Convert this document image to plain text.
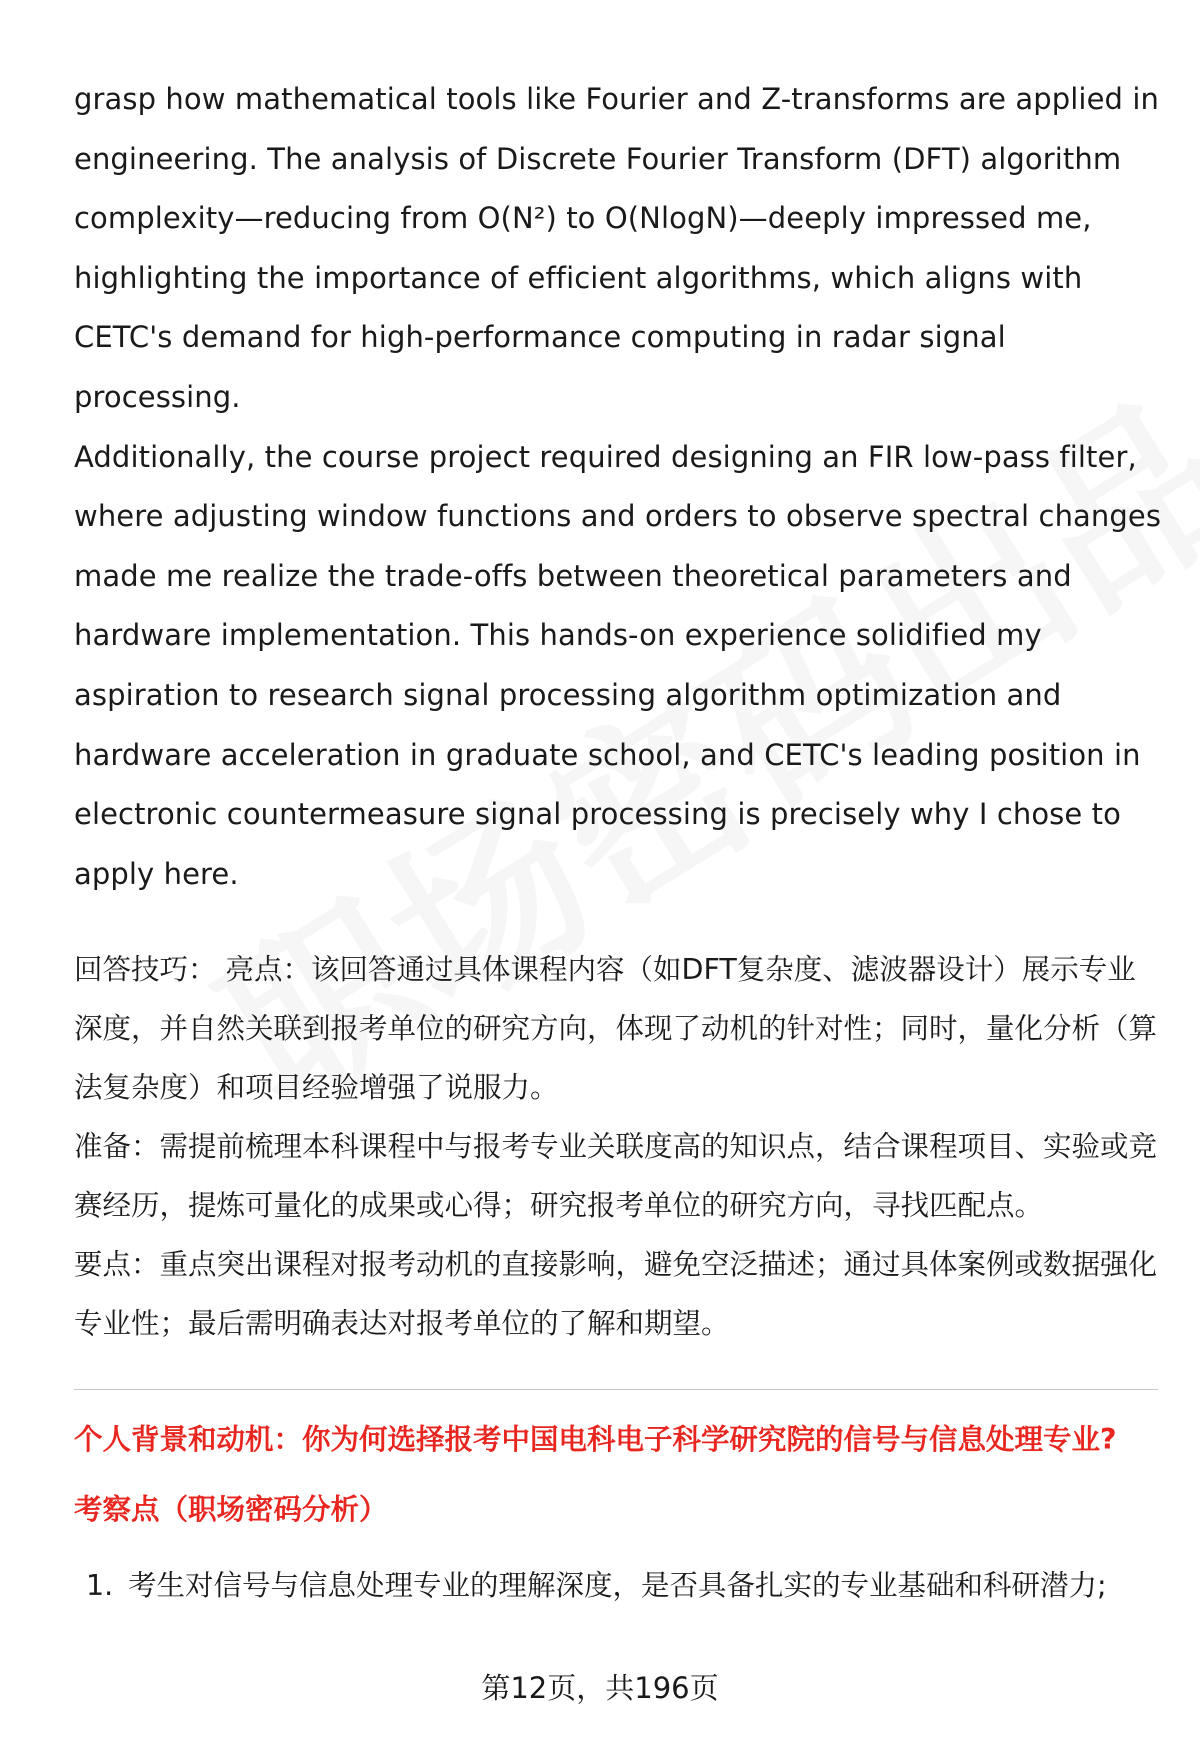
grasp how mathematical tools like Fourier and Z-transforms are applied in
engineering. The analysis of Discrete Fourier Transform (DFT) algorithm
complexity—reducing from O(N²) to O(NlogN)—deeply impressed me,
highlighting the importance of efficient algorithms, which aligns with
CETC's demand for high-performance computing in radar signal processing.
Additionally, the course project required designing an FIR low-pass filter,
where adjusting window functions and orders to observe spectral changes
made me realize the trade-offs between theoretical parameters and
hardware implementation. This hands-on experience solidified my
aspiration to research signal processing algorithm optimization and
hardware acceleration in graduate school, and CETC's leading position in
electronic countermeasure signal processing is precisely why I chose to
apply here.

回答技巧： 亮点：该回答通过具体课程内容（如DFT复杂度、滤波器设计）展示专业深度，并自然关联到报考单位的研究方向，体现了动机的针对性；同时，量化分析（算法复杂度）和项目经验增强了说服力。

准备：需提前梳理本科课程中与报考专业关联度高的知识点，结合课程项目、实验或竞赛经历，提炼可量化的成果或心得；研究报考单位的研究方向，寻找匹配点。

要点：重点突出课程对报考动机的直接影响，避免空泛描述；通过具体案例或数据强化专业性；最后需明确表达对报考单位的了解和期望。

个人背景和动机：你为何选择报考中国电科电子科学研究院的信号与信息处理专业?
考察点（职场密码分析）
1. 考生对信号与信息处理专业的理解深度，是否具备扎实的专业基础和科研潜力;
第12页，共196页
